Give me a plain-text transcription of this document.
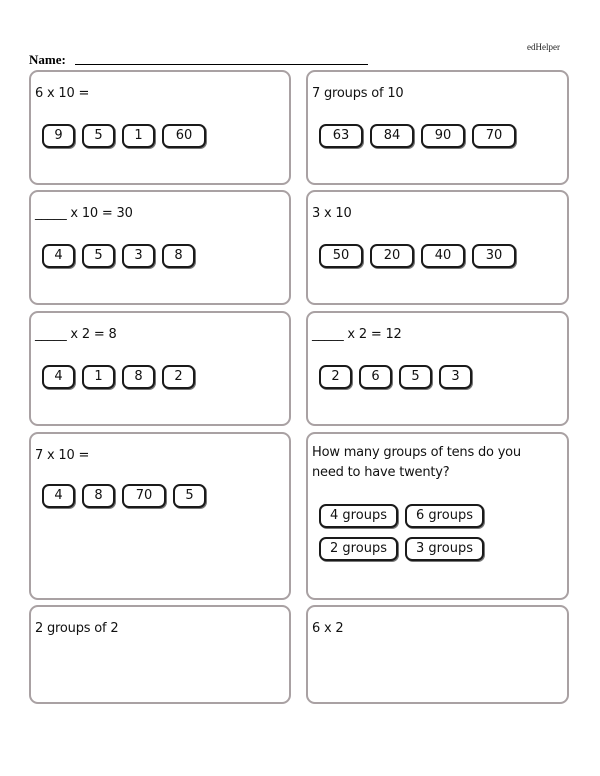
edHelper
Name:
6 x 10 =
9	5	1	60
7 groups of 10
63	84	90	70
_____ x 10 = 30
4	5	3	8
3 x 10
50	20	40	30
_____ x 2 = 8
4	1	8	2
_____ x 2 = 12
2	6	5	3
7 x 10 =
4	8	70	5
How many groups of tens do you
need to have twenty?
4 groups	6 groups
2 groups	3 groups
2 groups of 2	6 x 2
